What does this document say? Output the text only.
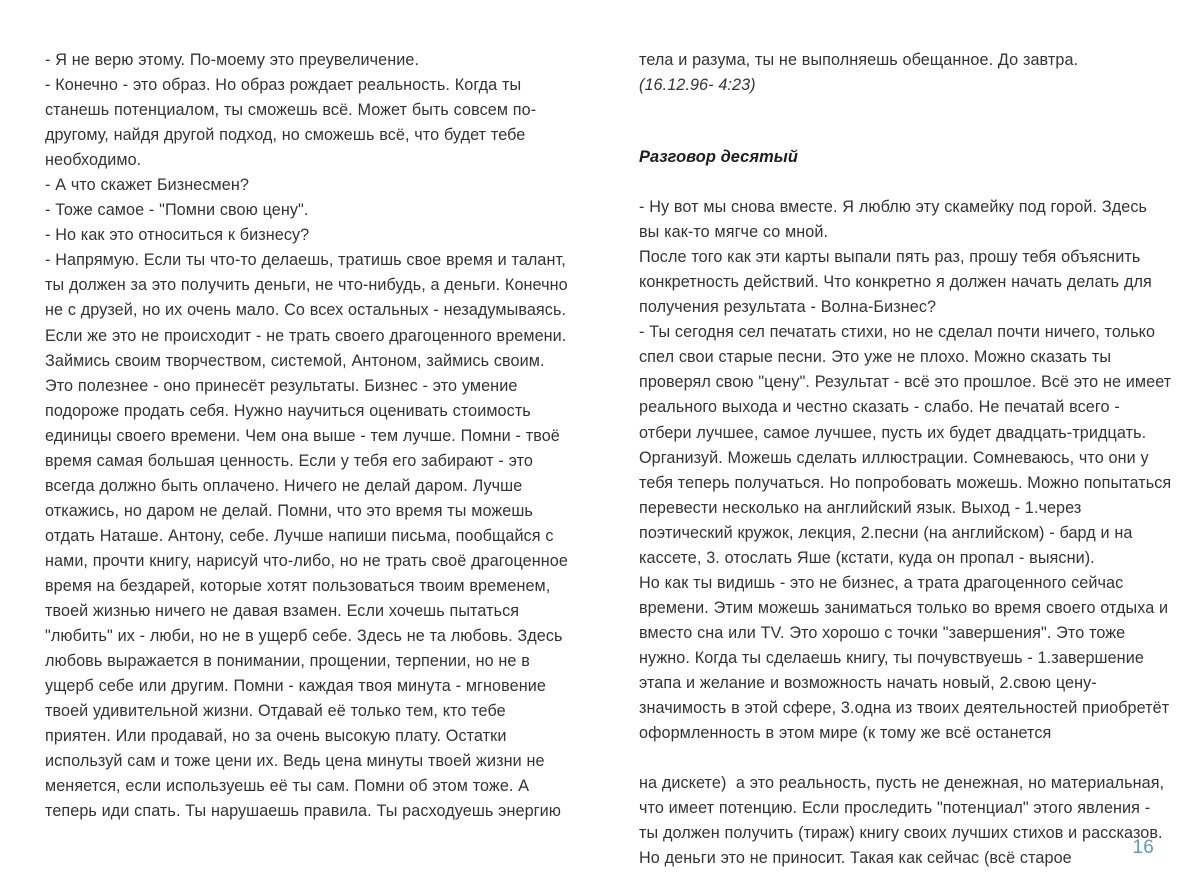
- Я не верю этому. По-моему это преувеличение.

- Конечно - это образ. Но образ рождает реальность. Когда ты станешь потенциалом, ты сможешь всё. Может быть совсем по-другому, найдя другой подход, но сможешь всё, что будет тебе необходимо.

- А что скажет Бизнесмен?

- Тоже самое - "Помни свою цену".

- Но как это относиться к бизнесу?

- Напрямую. Если ты что-то делаешь, тратишь свое время и талант, ты должен за это получить деньги, не что-нибудь, а деньги. Конечно не с друзей, но их очень мало. Со всех остальных - незадумываясь. Если же это не происходит - не трать своего драгоценного времени. Займись своим творчеством, системой, Антоном, займись своим. Это полезнее - оно принесёт результаты. Бизнес - это умение подороже продать себя. Нужно научиться оценивать стоимость единицы своего времени. Чем она выше - тем лучше. Помни - твоё время самая большая ценность. Если у тебя его забирают - это всегда должно быть оплачено. Ничего не делай даром. Лучше откажись, но даром не делай. Помни, что это время ты можешь отдать Наташе. Антону, себе. Лучше напиши письма, пообщайся с нами, прочти книгу, нарисуй что-либо, но не трать своё драгоценное время на бездарей, которые хотят пользоваться твоим временем, твоей жизнью ничего не давая взамен. Если хочешь пытаться "любить" их - люби, но не в ущерб себе. Здесь не та любовь. Здесь любовь выражается в понимании, прощении, терпении, но не в ущерб себе или другим. Помни - каждая твоя минута - мгновение твоей удивительной жизни. Отдавай её только тем, кто тебе приятен. Или продавай, но за очень высокую плату. Остатки используй сам и тоже цени их. Ведь цена минуты твоей жизни не меняется, если используешь её ты сам. Помни об этом тоже. А теперь иди спать. Ты нарушаешь правила. Ты расходуешь энергию

тела и разума, ты не выполняешь обещанное. До завтра.

(16.12.96- 4:23)

Разговор десятый

- Ну вот мы снова вместе. Я люблю эту скамейку под горой. Здесь вы как-то мягче со мной.

После того как эти карты выпали пять раз, прошу тебя объяснить конкретность действий. Что конкретно я должен начать делать для получения результата - Волна-Бизнес?

- Ты сегодня сел печатать стихи, но не сделал почти ничего, только спел свои старые песни. Это уже не плохо. Можно сказать ты проверял свою "цену". Результат - всё это прошлое. Всё это не имеет реального выхода и честно сказать - слабо. Не печатай всего - отбери лучшее, самое лучшее, пусть их будет двадцать-тридцать. Организуй. Можешь сделать иллюстрации. Сомневаюсь, что они у тебя теперь получаться. Но попробовать можешь. Можно попытаться перевести несколько на английский язык. Выход - 1.через поэтический кружок, лекция, 2.песни (на английском) - бард и на кассете, 3. отослать Яше (кстати, куда он пропал - выясни).

Но как ты видишь - это не бизнес, а трата драгоценного сейчас времени. Этим можешь заниматься только во время своего отдыха и вместо сна или TV. Это хорошо с точки "завершения". Это тоже нужно. Когда ты сделаешь книгу, ты почувствуешь - 1.завершение этапа и желание и возможность начать новый, 2.свою цену-значимость в этой сфере, 3.одна из твоих деятельностей приобретёт оформленность в этом мире (к тому же всё останется

на дискете)  а это реальность, пусть не денежная, но материальная, что имеет потенцию. Если проследить "потенциал" этого явления - ты должен получить (тираж) книгу своих лучших стихов и рассказов. Но деньги это не приносит. Такая как сейчас (всё старое

16
